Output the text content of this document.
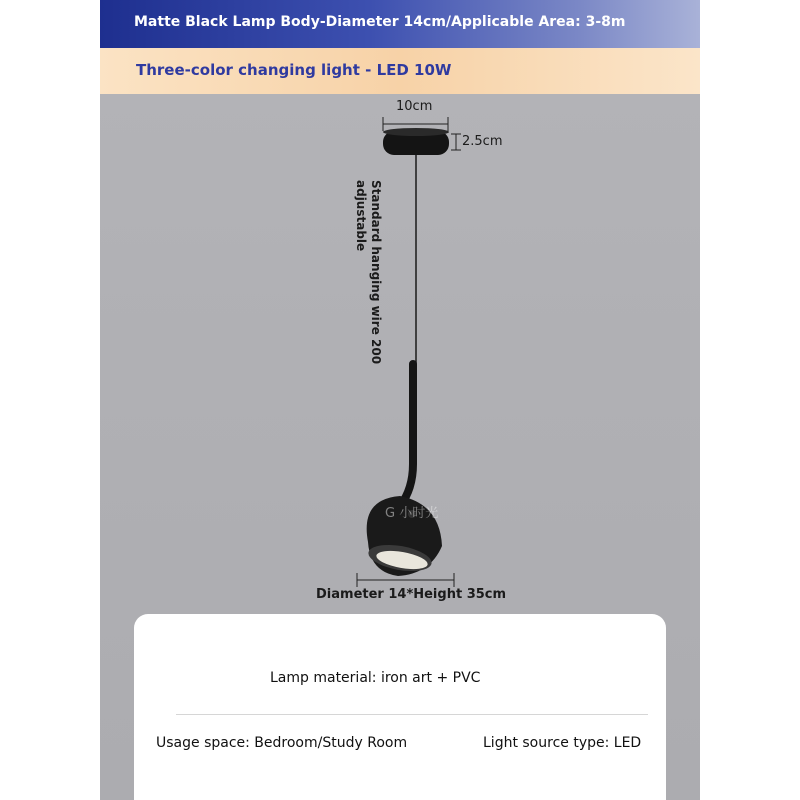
Matte Black Lamp Body-Diameter 14cm/Applicable Area: 3-8m
Three-color changing light - LED 10W
10cm
2.5cm
Standard hanging wire 200
adjustable
G 小时光
Diameter 14*Height 35cm
Lamp material: iron art + PVC
Usage space: Bedroom/Study Room	Light source type: LED
